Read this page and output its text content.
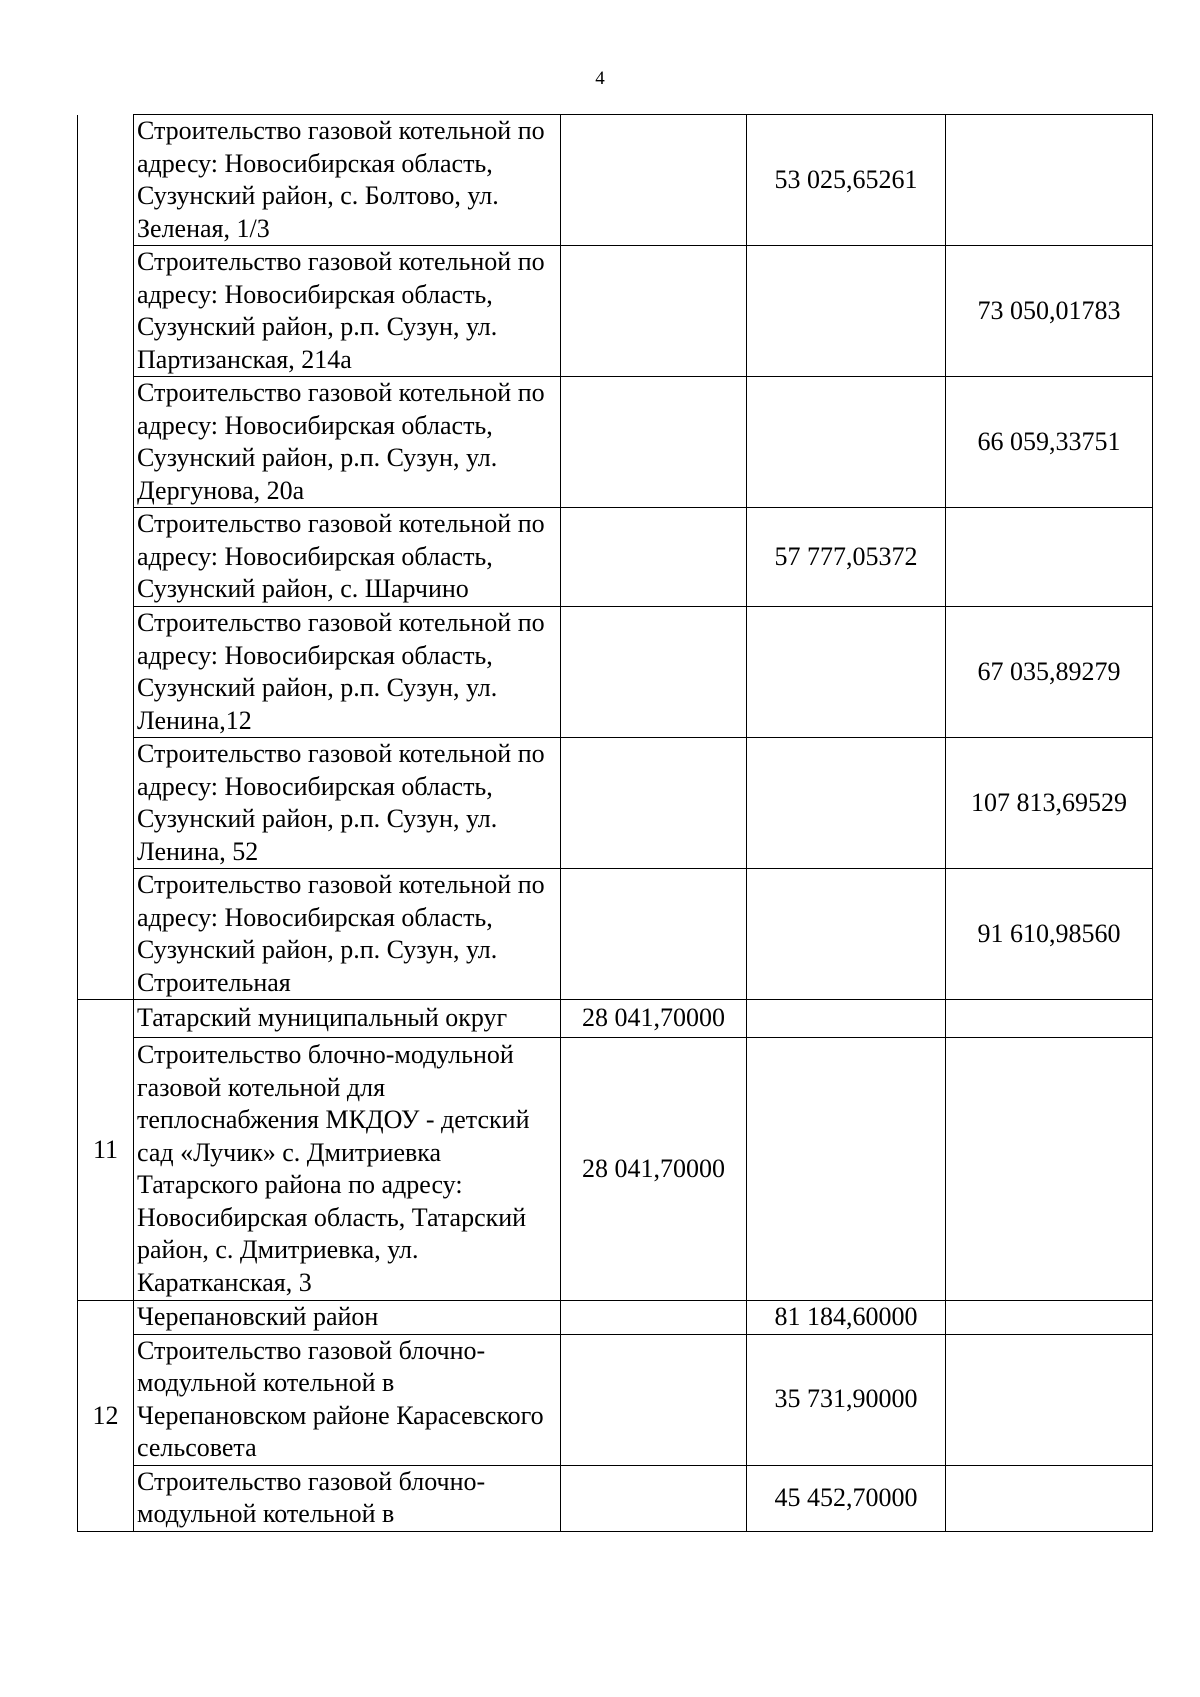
4
	Строительство газовой котельной по адресу: Новосибирская область, Сузунский район, с. Болтово, ул. Зеленая, 1/3		53 025,65261	
	Строительство газовой котельной по адресу: Новосибирская область, Сузунский район, р.п. Сузун, ул. Партизанская, 214а			73 050,01783
	Строительство газовой котельной по адресу: Новосибирская область, Сузунский район, р.п. Сузун, ул. Дергунова, 20а			66 059,33751
	Строительство газовой котельной по адресу: Новосибирская область, Сузунский район, с. Шарчино		57 777,05372	
	Строительство газовой котельной по адресу: Новосибирская область, Сузунский район, р.п. Сузун, ул. Ленина,12			67 035,89279
	Строительство газовой котельной по адресу: Новосибирская область, Сузунский район, р.п. Сузун, ул. Ленина, 52			107 813,69529
	Строительство газовой котельной по адресу: Новосибирская область, Сузунский район, р.п. Сузун, ул. Строительная			91 610,98560
11	Татарский муниципальный округ	28 041,70000		
	Строительство блочно-модульной газовой котельной для теплоснабжения МКДОУ - детский сад «Лучик» с. Дмитриевка Татарского района по адресу: Новосибирская область, Татарский район, с. Дмитриевка, ул. Каратканская, 3	28 041,70000		
12	Черепановский район		81 184,60000	
	Строительство газовой блочно-модульной котельной в Черепановском районе Карасевского сельсовета		35 731,90000	
	Строительство газовой блочно-модульной котельной в		45 452,70000	
